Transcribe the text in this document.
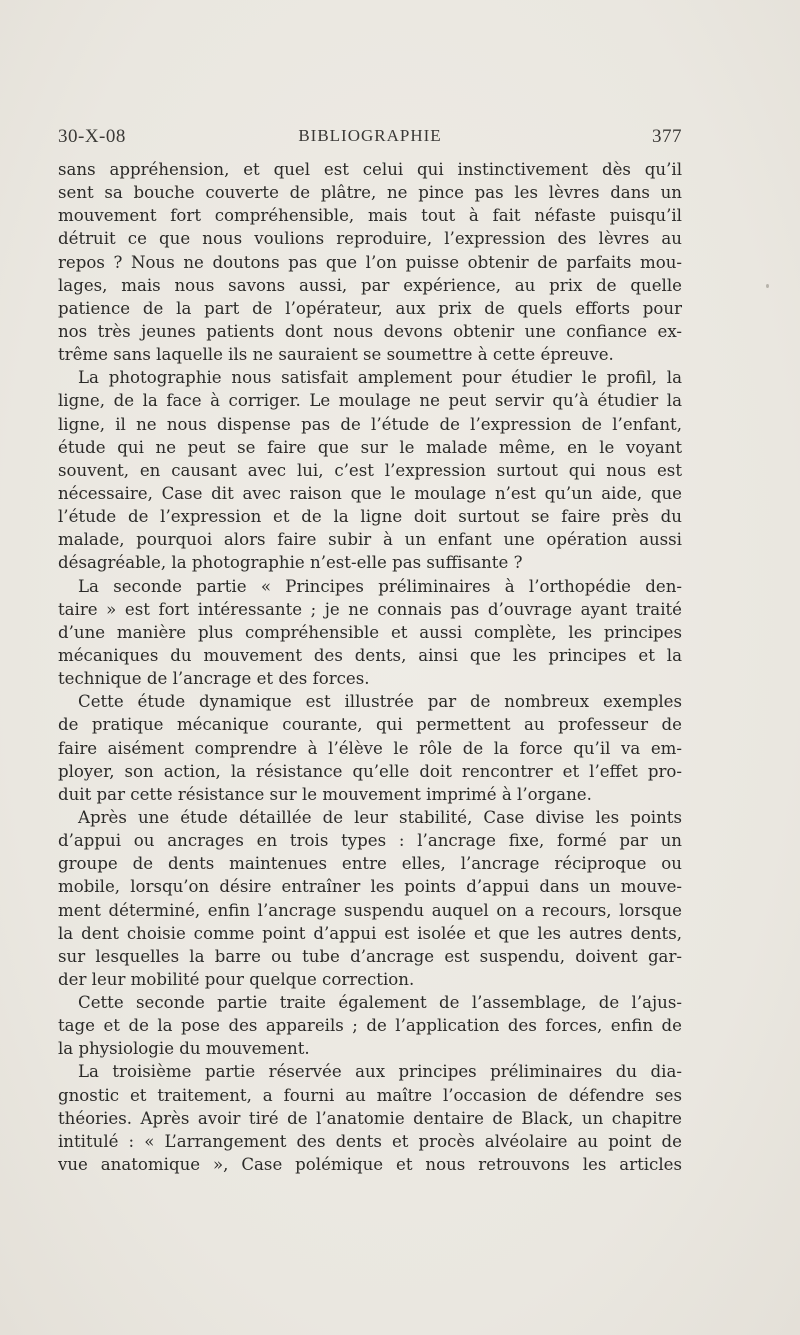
30-X-08	BIBLIOGRAPHIE	377
sans appréhension, et quel est celui qui instinctivement dès qu’il
sent sa bouche couverte de plâtre, ne pince pas les lèvres dans un
mouvement fort compréhensible, mais tout à fait néfaste puisqu’il
détruit ce que nous voulions reproduire, l’expression des lèvres au
repos ? Nous ne doutons pas que l’on puisse obtenir de parfaits mou-
lages, mais nous savons aussi, par expérience, au prix de quelle
patience de la part de l’opérateur, aux prix de quels efforts pour
nos très jeunes patients dont nous devons obtenir une confiance ex-
trême sans laquelle ils ne sauraient se soumettre à cette épreuve.
La photographie nous satisfait amplement pour étudier le profil, la
ligne, de la face à corriger. Le moulage ne peut servir qu’à étudier la
ligne, il ne nous dispense pas de l’étude de l’expression de l’enfant,
étude qui ne peut se faire que sur le malade même, en le voyant
souvent, en causant avec lui, c’est l’expression surtout qui nous est
nécessaire, Case dit avec raison que le moulage n’est qu’un aide, que
l’étude de l’expression et de la ligne doit surtout se faire près du
malade, pourquoi alors faire subir à un enfant une opération aussi
désagréable, la photographie n’est-elle pas suffisante ?
La seconde partie « Principes préliminaires à l’orthopédie den-
taire » est fort intéressante ; je ne connais pas d’ouvrage ayant traité
d’une manière plus compréhensible et aussi complète, les principes
mécaniques du mouvement des dents, ainsi que les principes et la
technique de l’ancrage et des forces.
Cette étude dynamique est illustrée par de nombreux exemples
de pratique mécanique courante, qui permettent au professeur de
faire aisément comprendre à l’élève le rôle de la force qu’il va em-
ployer, son action, la résistance qu’elle doit rencontrer et l’effet pro-
duit par cette résistance sur le mouvement imprimé à l’organe.
Après une étude détaillée de leur stabilité, Case divise les points
d’appui ou ancrages en trois types : l’ancrage fixe, formé par un
groupe de dents maintenues entre elles, l’ancrage réciproque ou
mobile, lorsqu’on désire entraîner les points d’appui dans un mouve-
ment déterminé, enfin l’ancrage suspendu auquel on a recours, lorsque
la dent choisie comme point d’appui est isolée et que les autres dents,
sur lesquelles la barre ou tube d’ancrage est suspendu, doivent gar-
der leur mobilité pour quelque correction.
Cette seconde partie traite également de l’assemblage, de l’ajus-
tage et de la pose des appareils ; de l’application des forces, enfin de
la physiologie du mouvement.
La troisième partie réservée aux principes préliminaires du dia-
gnostic et traitement, a fourni au maître l’occasion de défendre ses
théories. Après avoir tiré de l’anatomie dentaire de Black, un chapitre
intitulé : « L’arrangement des dents et procès alvéolaire au point de
vue anatomique », Case polémique et nous retrouvons les articles
